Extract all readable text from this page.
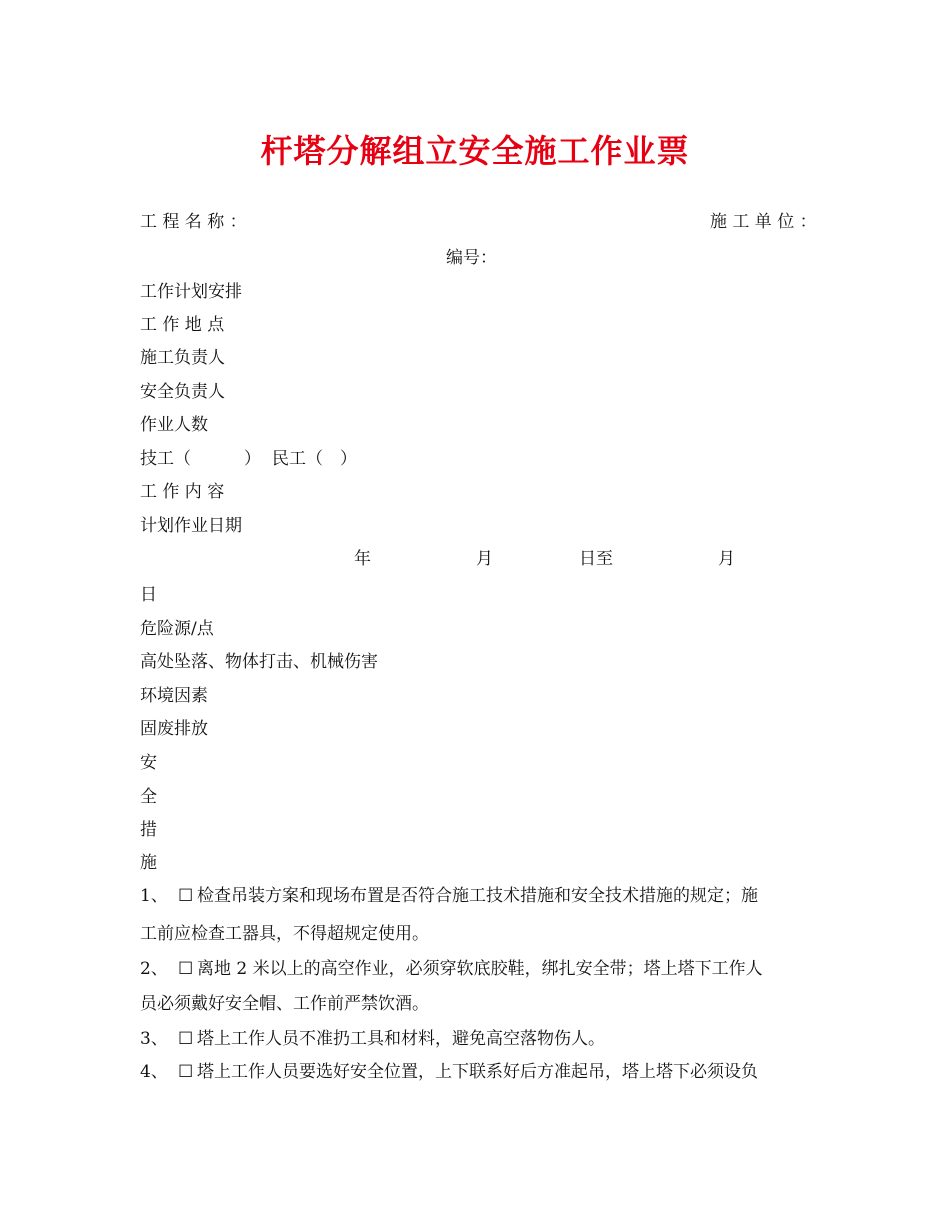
杆塔分解组立安全施工作业票
工 程 名 称 ：	施 工 单 位 ：
编号：
工作计划安排
工 作 地 点
施工负责人
安全负责人
作业人数
技工（	） 民工（ ）
工 作 内 容
计划作业日期
年	月	日至	月
日
危险源/点
高处坠落、物体打击、机械伤害
环境因素
固废排放
安
全
措
施
1、 ☐ 检查吊装方案和现场布置是否符合施工技术措施和安全技术措施的规定；施
工前应检查工器具，不得超规定使用。
2、 ☐ 离地 2 米以上的高空作业，必须穿软底胶鞋，绑扎安全带；塔上塔下工作人
员必须戴好安全帽、工作前严禁饮酒。
3、 ☐ 塔上工作人员不准扔工具和材料，避免高空落物伤人。
4、 ☐ 塔上工作人员要选好安全位置，上下联系好后方准起吊，塔上塔下必须设负
